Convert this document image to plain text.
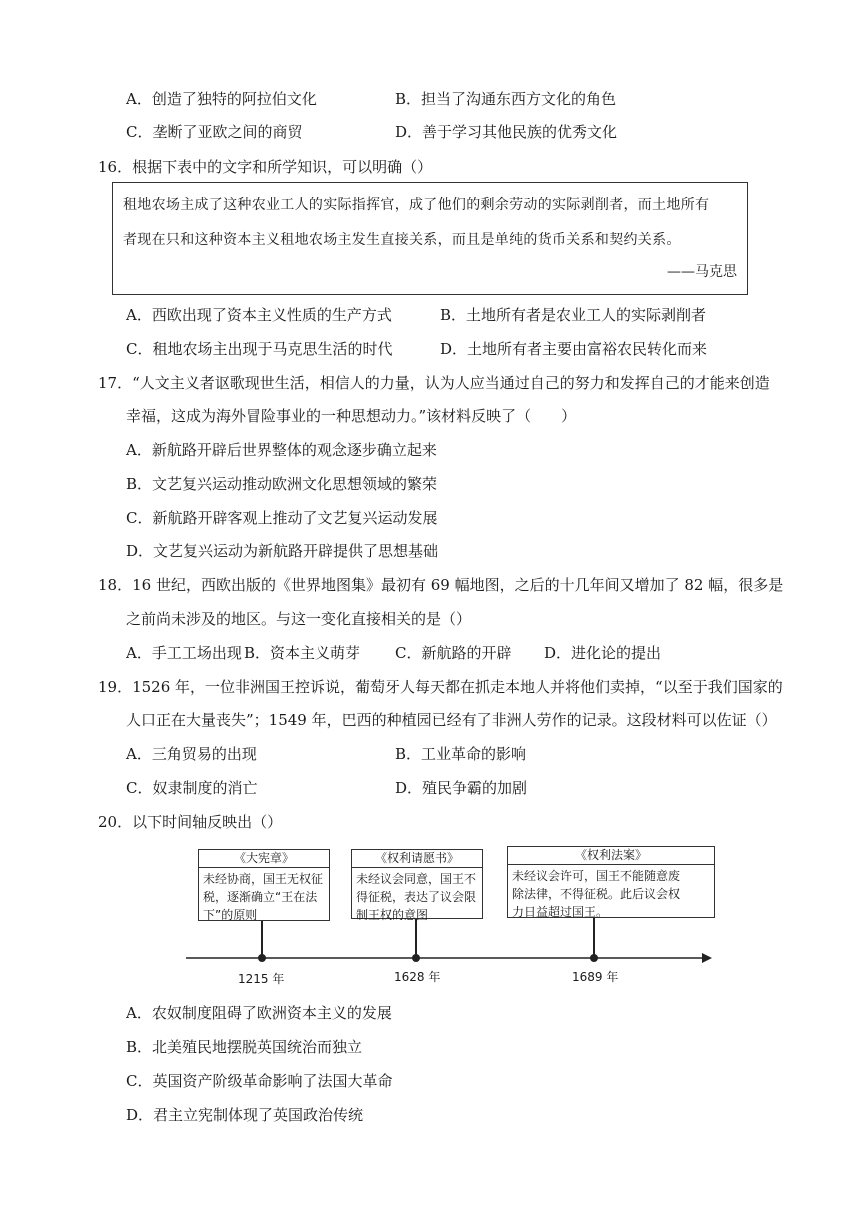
A．创造了独特的阿拉伯文化	B．担当了沟通东西方文化的角色
C．垄断了亚欧之间的商贸	D．善于学习其他民族的优秀文化
16．根据下表中的文字和所学知识，可以明确（）
租地农场主成了这种农业工人的实际指挥官，成了他们的剩余劳动的实际剥削者，而土地所有
者现在只和这种资本主义租地农场主发生直接关系，而且是单纯的货币关系和契约关系。
——马克思
A．西欧出现了资本主义性质的生产方式	B．土地所有者是农业工人的实际剥削者
C．租地农场主出现于马克思生活的时代	D．土地所有者主要由富裕农民转化而来
17．“人文主义者讴歌现世生活，相信人的力量，认为人应当通过自己的努力和发挥自己的才能来创造
幸福，这成为海外冒险事业的一种思想动力。”该材料反映了（　　）
A．新航路开辟后世界整体的观念逐步确立起来
B．文艺复兴运动推动欧洲文化思想领域的繁荣
C．新航路开辟客观上推动了文艺复兴运动发展
D．文艺复兴运动为新航路开辟提供了思想基础
18．16 世纪，西欧出版的《世界地图集》最初有 69 幅地图，之后的十几年间又增加了 82 幅，很多是
之前尚未涉及的地区。与这一变化直接相关的是（）
A．手工工场出现 B．资本主义萌芽 C．新航路的开辟 D．进化论的提出
19．1526 年，一位非洲国王控诉说，葡萄牙人每天都在抓走本地人并将他们卖掉，“以至于我们国家的
人口正在大量丧失”；1549 年，巴西的种植园已经有了非洲人劳作的记录。这段材料可以佐证（）
A．三角贸易的出现	B．工业革命的影响
C．奴隶制度的消亡	D．殖民争霸的加剧
20．以下时间轴反映出（）
《大宪章》
未经协商，国王无权征
税，逐渐确立“王在法
下”的原则
《权利请愿书》
未经议会同意，国王不
得征税，表达了议会限
制王权的意图
《权利法案》
未经议会许可，国王不能随意废
除法律，不得征税。此后议会权
力日益超过国王。
1215 年	1628 年	1689 年
A．农奴制度阻碍了欧洲资本主义的发展
B．北美殖民地摆脱英国统治而独立
C．英国资产阶级革命影响了法国大革命
D．君主立宪制体现了英国政治传统
